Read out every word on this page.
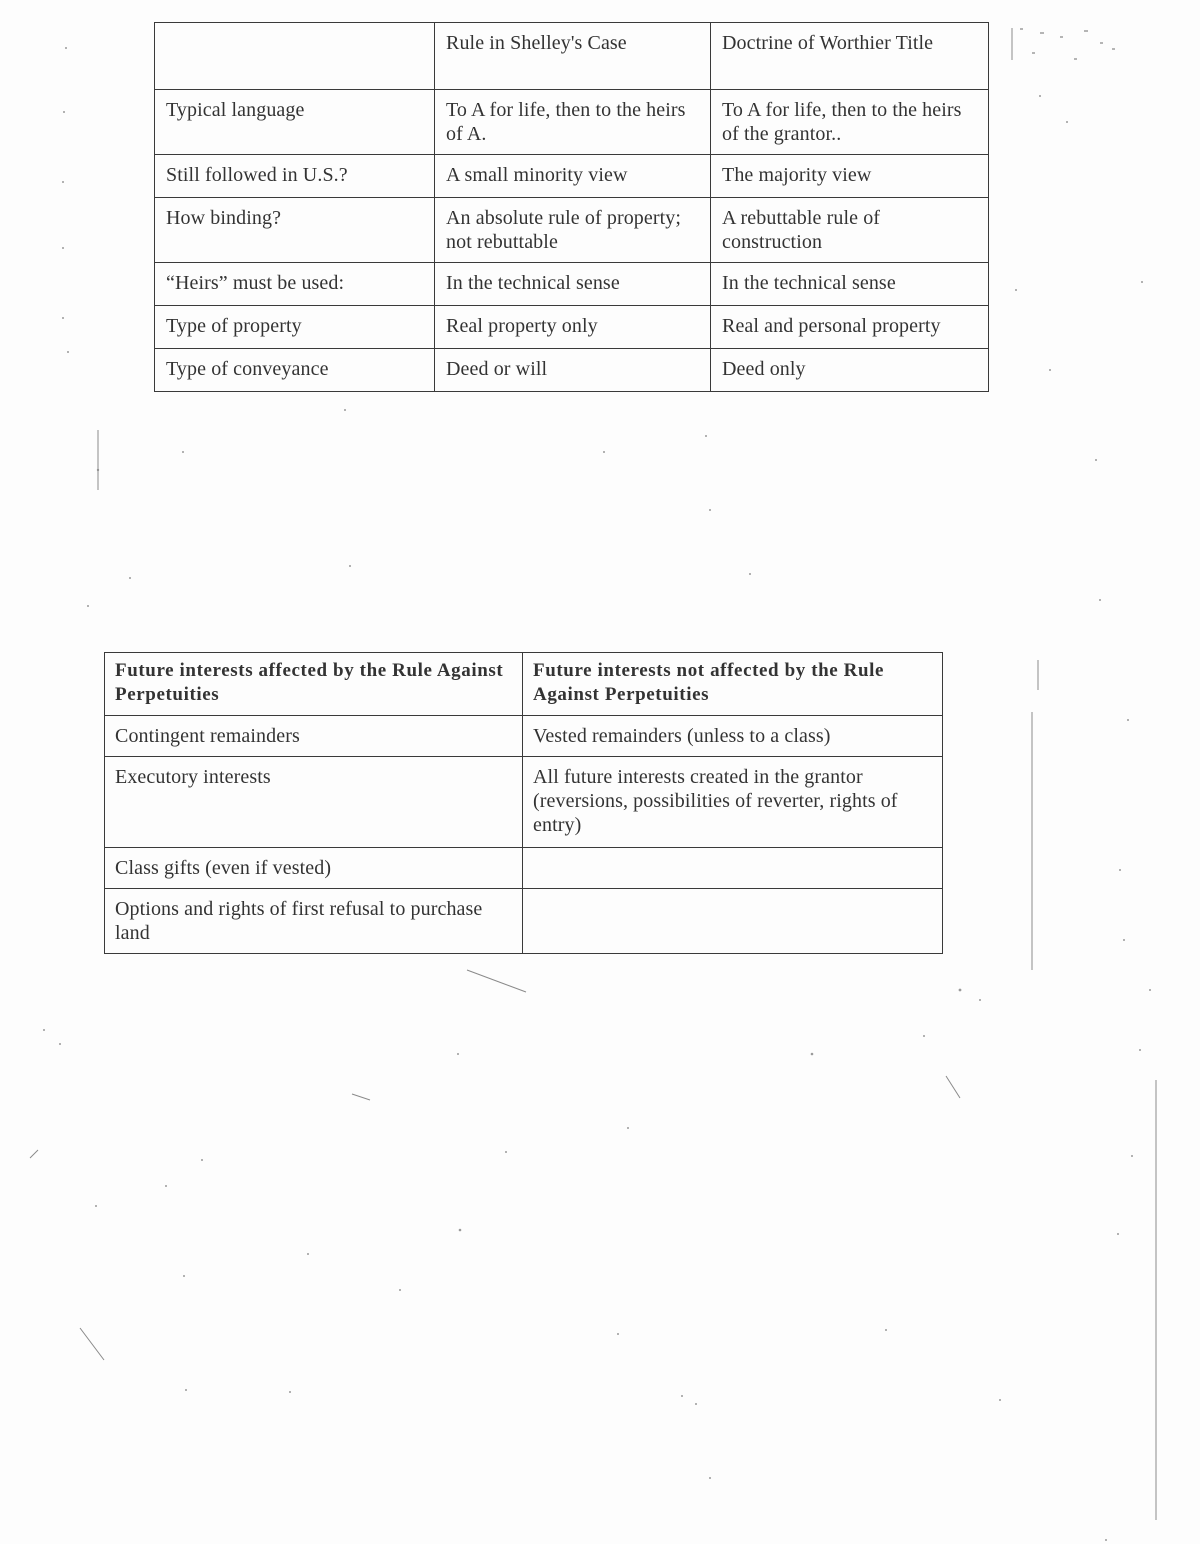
	Rule in Shelley's Case	Doctrine of Worthier Title
Typical language	To A for life, then to the heirs of A.	To A for life, then to the heirs of the grantor..
Still followed in U.S.?	A small minority view	The majority view
How binding?	An absolute rule of property; not rebuttable	A rebuttable rule of construction
“Heirs” must be used:	In the technical sense	In the technical sense
Type of property	Real property only	Real and personal property
Type of conveyance	Deed or will	Deed only
Future interests affected by the Rule Against Perpetuities	Future interests not affected by the Rule Against Perpetuities
Contingent remainders	Vested remainders (unless to a class)
Executory interests	All future interests created in the grantor (reversions, possibilities of reverter, rights of entry)
Class gifts (even if vested)	
Options and rights of first refusal to purchase land	
